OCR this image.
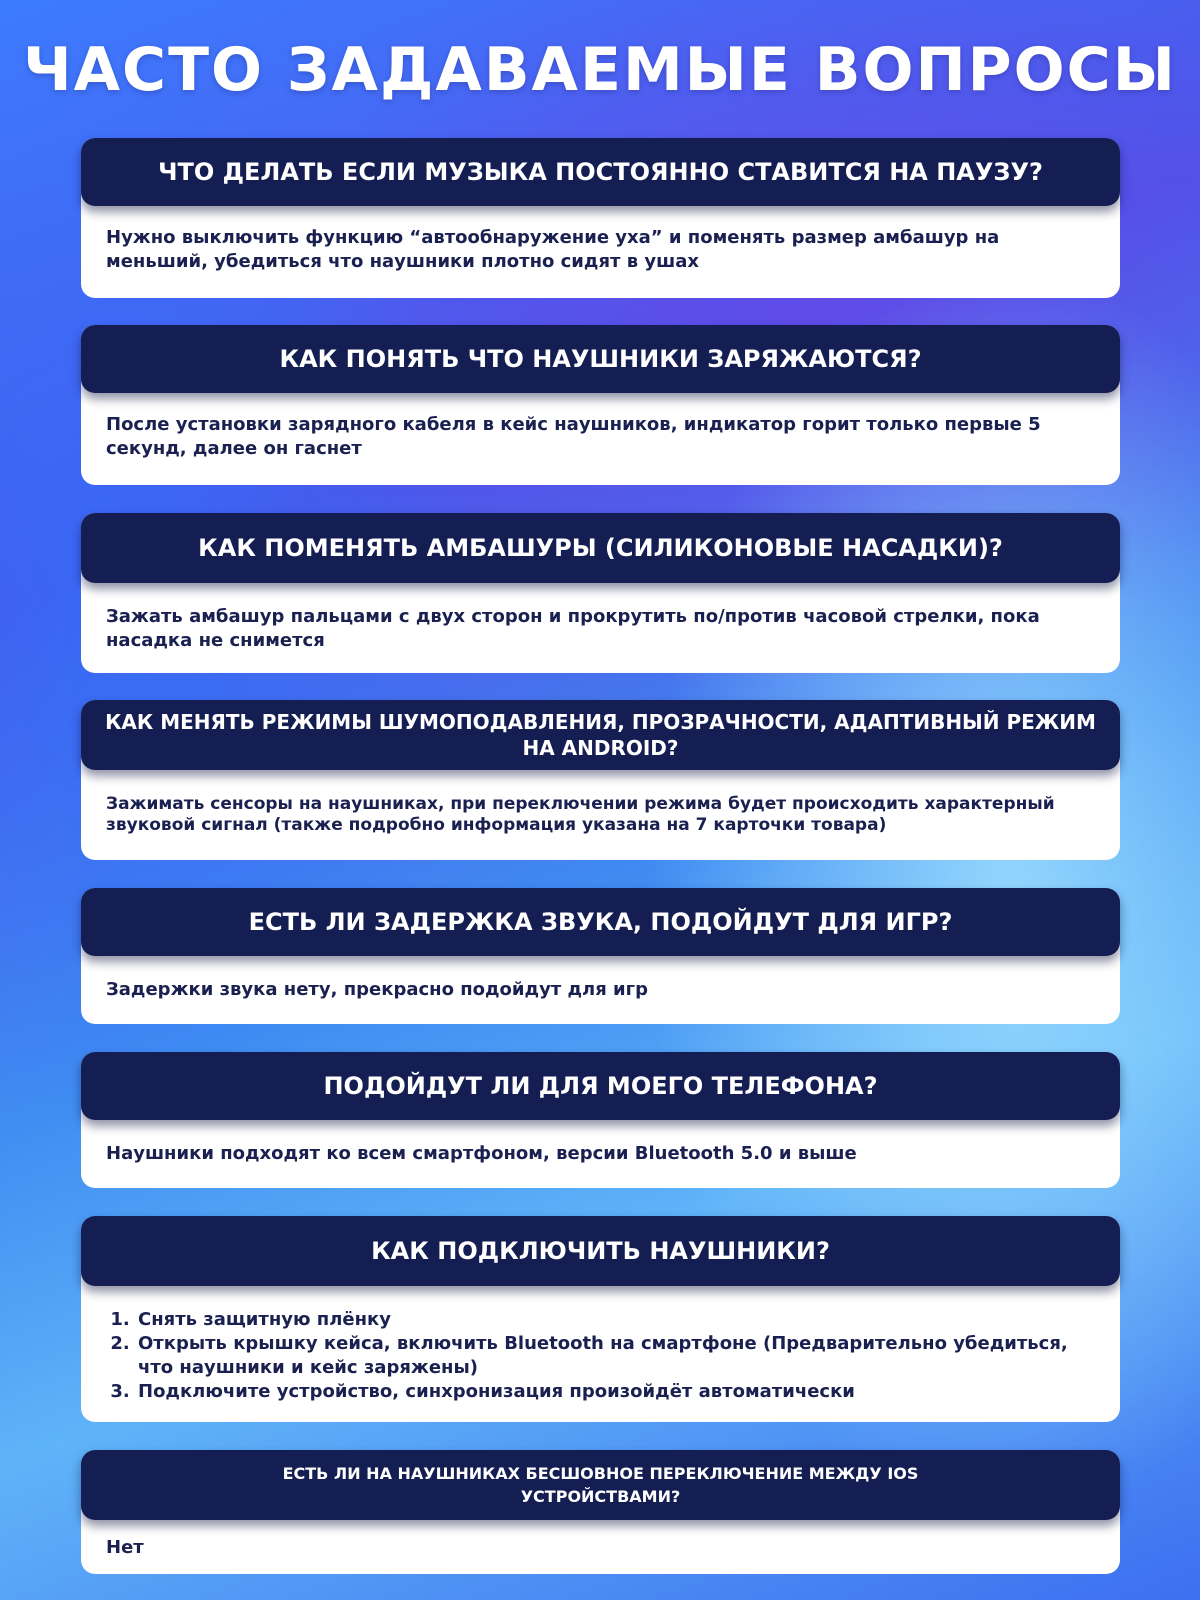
ЧАСТО ЗАДАВАЕМЫЕ ВОПРОСЫ
ЧТО ДЕЛАТЬ ЕСЛИ МУЗЫКА ПОСТОЯННО СТАВИТСЯ НА ПАУЗУ?

Нужно выключить функцию “автообнаружение уха” и поменять размер амбашур на меньший, убедиться что наушники плотно сидят в ушах

КАК ПОНЯТЬ ЧТО НАУШНИКИ ЗАРЯЖАЮТСЯ?

После установки зарядного кабеля в кейс наушников, индикатор горит только первые 5 секунд, далее он гаснет

КАК ПОМЕНЯТЬ АМБАШУРЫ (СИЛИКОНОВЫЕ НАСАДКИ)?

Зажать амбашур пальцами с двух сторон и прокрутить по/против часовой стрелки, пока насадка не снимется

КАК МЕНЯТЬ РЕЖИМЫ ШУМОПОДАВЛЕНИЯ, ПРОЗРАЧНОСТИ, АДАПТИВНЫЙ РЕЖИМ НА ANDROID?

Зажимать сенсоры на наушниках, при переключении режима будет происходить характерный звуковой сигнал (также подробно информация указана на 7 карточки товара)

ЕСТЬ ЛИ ЗАДЕРЖКА ЗВУКА, ПОДОЙДУТ ДЛЯ ИГР?

Задержки звука нету, прекрасно подойдут для игр

ПОДОЙДУТ ЛИ ДЛЯ МОЕГО ТЕЛЕФОНА?

Наушники подходят ко всем смартфоном, версии Bluetooth 5.0 и выше

КАК ПОДКЛЮЧИТЬ НАУШНИКИ?
1. Снять защитную плёнку
2. Открыть крышку кейса, включить Bluetooth на смартфоне (Предварительно убедиться, что наушники и кейс заряжены)
3. Подключите устройство, синхронизация произойдёт автоматически
ЕСТЬ ЛИ НА НАУШНИКАХ БЕСШОВНОЕ ПЕРЕКЛЮЧЕНИЕ МЕЖДУ IOS УСТРОЙСТВАМИ?

Нет
